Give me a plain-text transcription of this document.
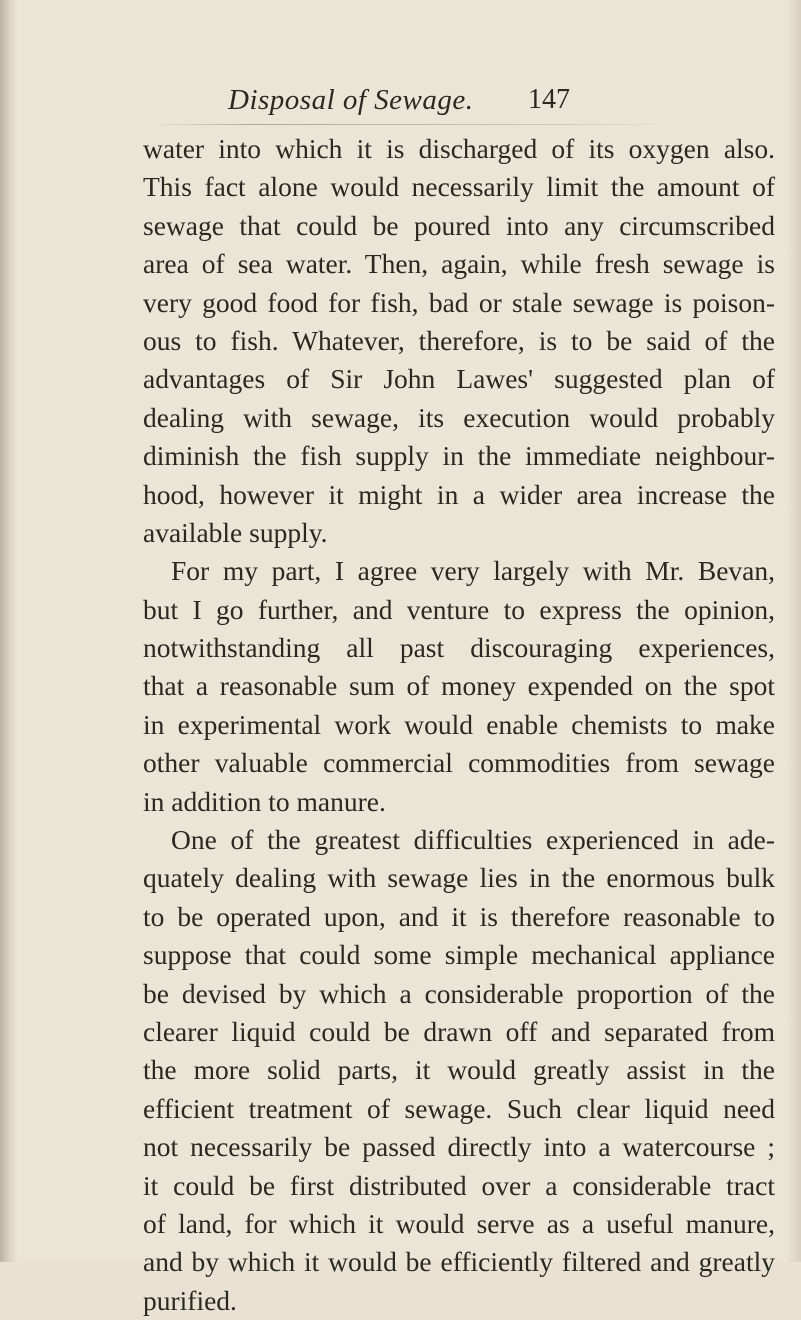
Disposal of Sewage. 147
water into which it is discharged of its oxygen also.
This fact alone would necessarily limit the amount of
sewage that could be poured into any circumscribed
area of sea water. Then, again, while fresh sewage is
very good food for fish, bad or stale sewage is poison-
ous to fish. Whatever, therefore, is to be said of the
advantages of Sir John Lawes' suggested plan of
dealing with sewage, its execution would probably
diminish the fish supply in the immediate neighbour-
hood, however it might in a wider area increase the
available supply.
For my part, I agree very largely with Mr. Bevan,
but I go further, and venture to express the opinion,
notwithstanding all past discouraging experiences,
that a reasonable sum of money expended on the spot
in experimental work would enable chemists to make
other valuable commercial commodities from sewage
in addition to manure.
One of the greatest difficulties experienced in ade-
quately dealing with sewage lies in the enormous bulk
to be operated upon, and it is therefore reasonable to
suppose that could some simple mechanical appliance
be devised by which a considerable proportion of the
clearer liquid could be drawn off and separated from
the more solid parts, it would greatly assist in the
efficient treatment of sewage. Such clear liquid need
not necessarily be passed directly into a watercourse ;
it could be first distributed over a considerable tract
of land, for which it would serve as a useful manure,
and by which it would be efficiently filtered and greatly
purified.
